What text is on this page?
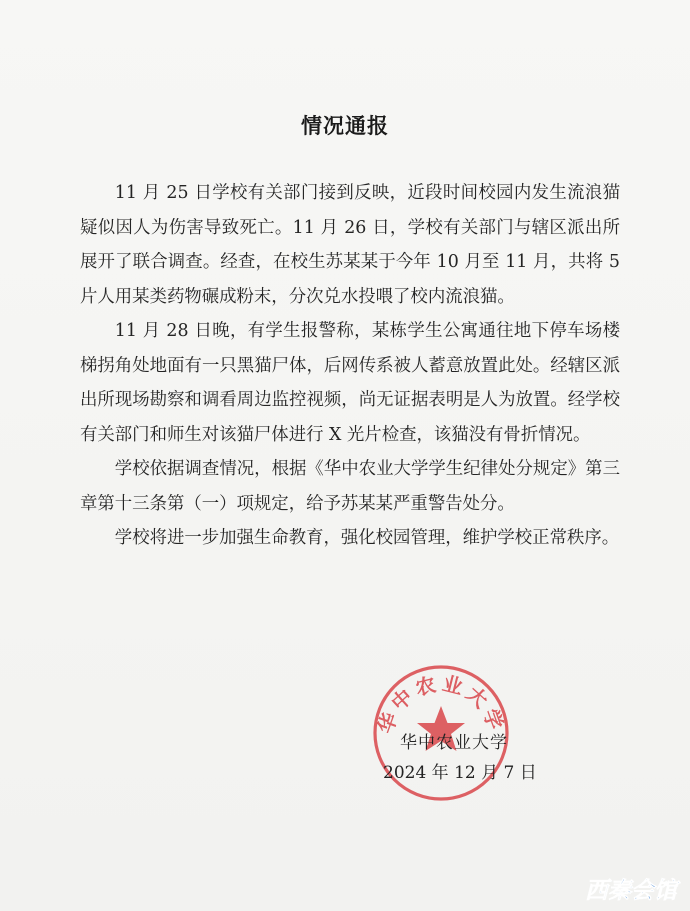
情况通报

11 月 25 日学校有关部门接到反映，近段时间校园内发生流浪猫疑似因人为伤害导致死亡。11 月 26 日，学校有关部门与辖区派出所展开了联合调查。经查，在校生苏某某于今年 10 月至 11 月，共将 5 片人用某类药物碾成粉末，分次兑水投喂了校内流浪猫。

11 月 28 日晚，有学生报警称，某栋学生公寓通往地下停车场楼梯拐角处地面有一只黑猫尸体，后网传系被人蓄意放置此处。经辖区派出所现场勘察和调看周边监控视频，尚无证据表明是人为放置。经学校有关部门和师生对该猫尸体进行 X 光片检查，该猫没有骨折情况。

学校依据调查情况，根据《华中农业大学学生纪律处分规定》第三章第十三条第（一）项规定，给予苏某某严重警告处分。

学校将进一步加强生命教育，强化校园管理，维护学校正常秩序。

华中农业大学
华中农业大学
2024 年 12 月 7 日
西秦会馆
